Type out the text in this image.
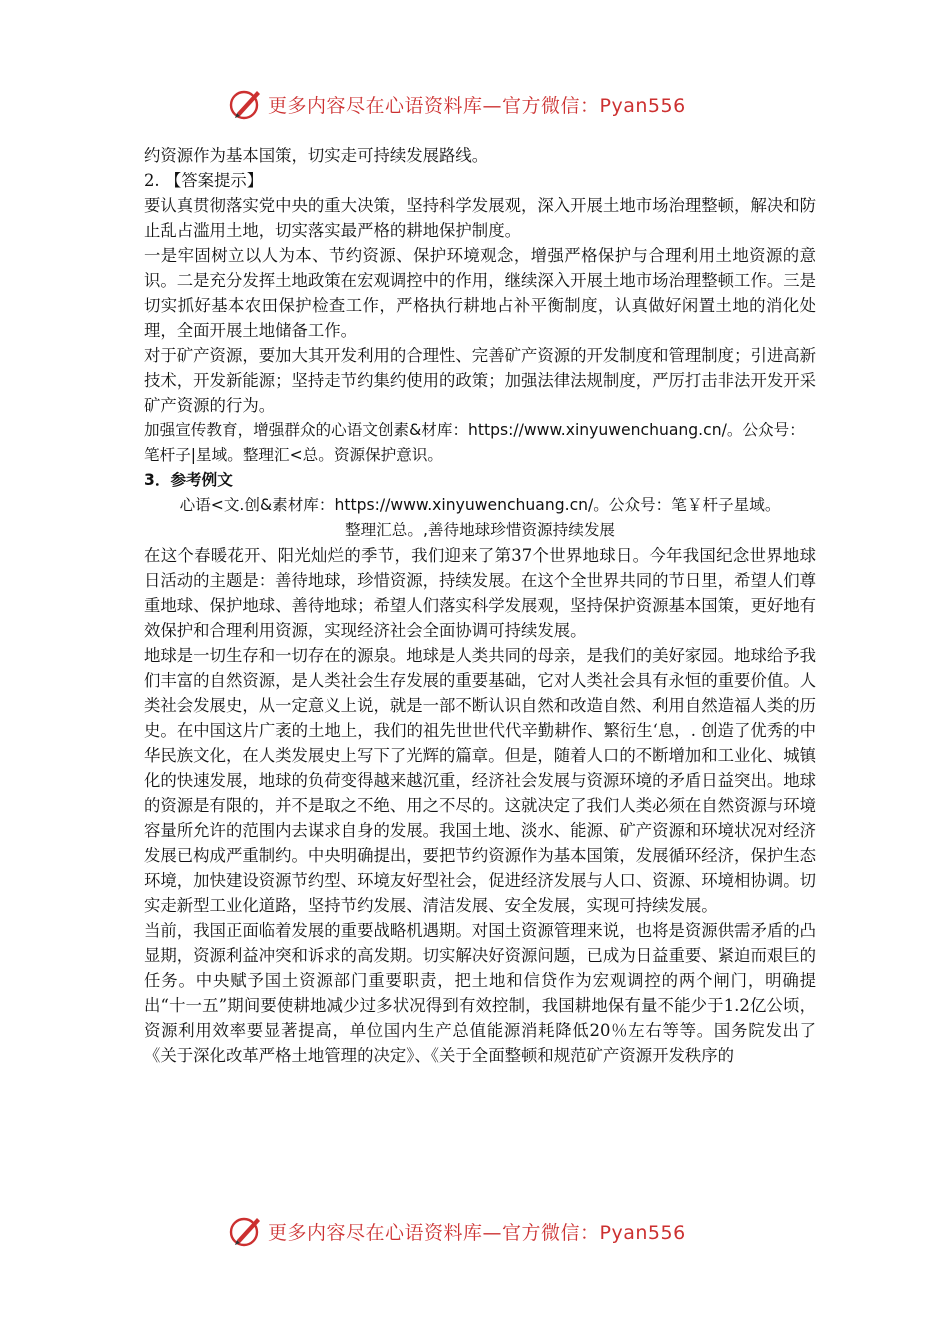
更多内容尽在心语资料库—官方微信：Pyan556

约资源作为基本国策，切实走可持续发展路线。

2. 【答案提示】

要认真贯彻落实党中央的重大决策，坚持科学发展观，深入开展土地市场治理整顿，解决和防止乱占滥用土地，切实落实最严格的耕地保护制度。

一是牢固树立以人为本、节约资源、保护环境观念，增强严格保护与合理利用土地资源的意识。二是充分发挥土地政策在宏观调控中的作用，继续深入开展土地市场治理整顿工作。三是切实抓好基本农田保护检查工作，严格执行耕地占补平衡制度，认真做好闲置土地的消化处理，全面开展土地储备工作。

对于矿产资源，要加大其开发利用的合理性、完善矿产资源的开发制度和管理制度；引进高新技术，开发新能源；坚持走节约集约使用的政策；加强法律法规制度，严厉打击非法开发开采矿产资源的行为。

加强宣传教育，增强群众的心语文创素&材库：https://www.xinyuwenchuang.cn/。公众号：笔杆子|星域。整理汇<总。资源保护意识。

3．参考例文

心语<文.创&素材库：https://www.xinyuwenchuang.cn/。公众号：笔￥杆子星域。

整理汇总。,善待地球珍惜资源持续发展

在这个春暖花开、阳光灿烂的季节，我们迎来了第37个世界地球日。今年我国纪念世界地球日活动的主题是：善待地球，珍惜资源，持续发展。在这个全世界共同的节日里，希望人们尊重地球、保护地球、善待地球；希望人们落实科学发展观，坚持保护资源基本国策，更好地有效保护和合理利用资源，实现经济社会全面协调可持续发展。

地球是一切生存和一切存在的源泉。地球是人类共同的母亲，是我们的美好家园。地球给予我们丰富的自然资源，是人类社会生存发展的重要基础，它对人类社会具有永恒的重要价值。人类社会发展史，从一定意义上说，就是一部不断认识自然和改造自然、利用自然造福人类的历史。在中国这片广袤的土地上，我们的祖先世世代代辛勤耕作、繁衍生‘息，. 创造了优秀的中华民族文化，在人类发展史上写下了光辉的篇章。但是，随着人口的不断增加和工业化、城镇化的快速发展，地球的负荷变得越来越沉重，经济社会发展与资源环境的矛盾日益突出。地球的资源是有限的，并不是取之不绝、用之不尽的。这就决定了我们人类必须在自然资源与环境容量所允许的范围内去谋求自身的发展。我国土地、淡水、能源、矿产资源和环境状况对经济发展已构成严重制约。中央明确提出，要把节约资源作为基本国策，发展循环经济，保护生态环境，加快建设资源节约型、环境友好型社会，促进经济发展与人口、资源、环境相协调。切实走新型工业化道路，坚持节约发展、清洁发展、安全发展，实现可持续发展。

当前，我国正面临着发展的重要战略机遇期。对国土资源管理来说，也将是资源供需矛盾的凸显期，资源利益冲突和诉求的高发期。切实解决好资源问题，已成为日益重要、紧迫而艰巨的任务。中央赋予国土资源部门重要职责，把土地和信贷作为宏观调控的两个闸门，明确提出“十一五”期间要使耕地减少过多状况得到有效控制，我国耕地保有量不能少于1.2亿公顷，资源利用效率要显著提高，单位国内生产总值能源消耗降低20％左右等等。国务院发出了《关于深化改革严格土地管理的决定》、《关于全面整顿和规范矿产资源开发秩序的

更多内容尽在心语资料库—官方微信：Pyan556
